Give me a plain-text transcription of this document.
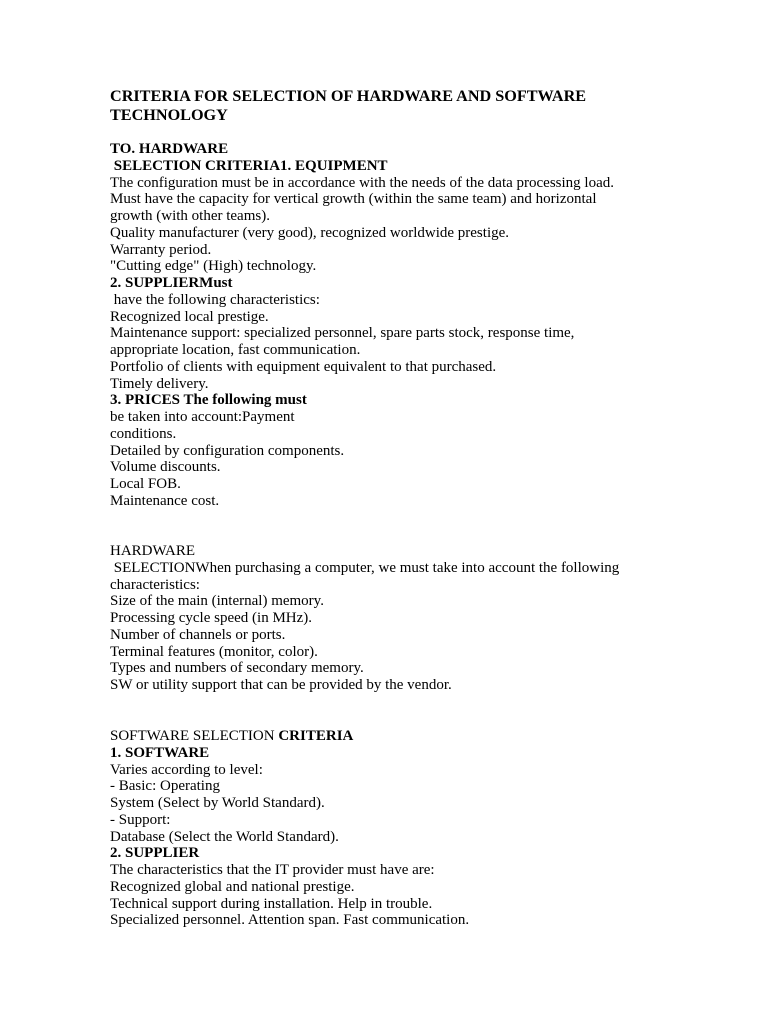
CRITERIA FOR SELECTION OF HARDWARE AND SOFTWARE TECHNOLOGY
TO. HARDWARE
SELECTION CRITERIA1. EQUIPMENT
The configuration must be in accordance with the needs of the data processing load.
Must have the capacity for vertical growth (within the same team) and horizontal
growth (with other teams).
Quality manufacturer (very good), recognized worldwide prestige.
Warranty period.
"Cutting edge" (High) technology.
2. SUPPLIERMust
have the following characteristics:
Recognized local prestige.
Maintenance support: specialized personnel, spare parts stock, response time,
appropriate location, fast communication.
Portfolio of clients with equipment equivalent to that purchased.
Timely delivery.
3. PRICES The following must
be taken into account:Payment
conditions.
Detailed by configuration components.
Volume discounts.
Local FOB.
Maintenance cost.
HARDWARE
SELECTIONWhen purchasing a computer, we must take into account the following
characteristics:
Size of the main (internal) memory.
Processing cycle speed (in MHz).
Number of channels or ports.
Terminal features (monitor, color).
Types and numbers of secondary memory.
SW or utility support that can be provided by the vendor.
SOFTWARE SELECTION CRITERIA
1. SOFTWARE
Varies according to level:
- Basic: Operating
System (Select by World Standard).
- Support:
Database (Select the World Standard).
2. SUPPLIER
The characteristics that the IT provider must have are:
Recognized global and national prestige.
Technical support during installation. Help in trouble.
Specialized personnel. Attention span. Fast communication.
